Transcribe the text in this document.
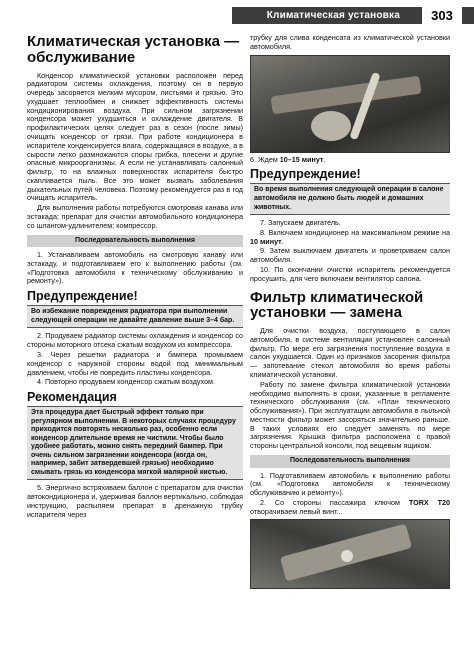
Климатическая установка	303
Климатическая установка — обслуживание

Конденсор климатической установки расположен перед радиатором системы охлаждения, поэтому он в первую очередь засоряется мелким мусором, листьями и грязью. Это ухудшает теплообмен и снижает эффективность системы кондиционирования воздуха. При сильном загрязнении конденсора может ухудшиться и охлаждение двигателя. В профилактических целях следует раз в сезон (после зимы) очищать конденсор от грязи. При работе кондиционера в испарителе конденсируется влага, содержащаяся в воздухе, а в сырости легко размножаются споры грибка, плесени и другие опасные микроорганизмы. А если не устанавливать салонный фильтр, то на влажных поверхностях испарителя быстро скапливается пыль. Все это может вызвать заболевания дыхательных путей человека. Поэтому рекомендуется раз в год очищать испаритель.

Для выполнения работы потребуются смотровая канава или эстакада; препарат для очистки автомобильного кондиционера со шлангом-удлинителем; компрессор.

Последовательность выполнения

1. Устанавливаем автомобиль на смотровую канаву или эстакаду, и подготавливаем его к выполнению работы (см. «Подготовка автомобиля к техническому обслуживанию и ремонту»).

Предупреждение!
Во избежание повреждения радиатора при выполнении следующей операции не давайте давление выше 3–4 бар.

2. Продуваем радиатор системы охлаждения и конденсор со стороны моторного отсека сжатым воздухом из компрессора.

3. Через решетки радиатора и бампера промываем конденсор с наружной стороны водой под минимальным давлением, чтобы не повредить пластины конденсора.

4. Повторно продуваем конденсор сжатым воздухом.

Рекомендация
Эта процедура дает быстрый эффект только при регулярном выполнении. В некоторых случаях процедуру приходится повторять несколько раз, особенно если конденсор длительное время не чистили. Чтобы было удобнее работать, можно снять передний бампер. При очень сильном загрязнении конденсора (когда он, например, забит затвердевшей грязью) необходимо смывать грязь из конденсора мягкой малярной кистью.

5. Энергично встряхиваем баллон с препаратом для очистки автокондиционера и, удерживая баллон вертикально, соблюдая инструкцию, распыляем препарат в дренажную трубку испарителя через

трубку для слива конденсата из климатической установки автомобиля.

6. Ждем 10–15 минут.

Предупреждение!
Во время выполнения следующей операции в салоне автомобиля не должно быть людей и домашних животных.

7. Запускаем двигатель.

8. Включаем кондиционер на максимальном режиме на 10 минут.

9. Затем выключаем двигатель и проветриваем салон автомобиля.

10. По окончании очистки испаритель рекомендуется просушить, для чего включаем вентилятор салона.

Фильтр климатической установки — замена

Для очистки воздуха, поступающего в салон автомобиля, в системе вентиляции установлен салонный фильтр. По мере его загрязнения поступление воздуха в салон ухудшается. Один из признаков засорения фильтра — запотевание стекол автомобиля во время работы климатической установки.

Работу по замене фильтра климатической установки необходимо выполнять в сроки, указанные в регламенте технического обслуживания (см. «План технического обслуживания»). При эксплуатации автомобиля в пыльной местности фильтр может засоряться значительно раньше. В таких условиях его следует заменять по мере загрязнения. Крышка фильтра расположена с правой стороны центральной консоли, под вещевым ящиком.

Последовательность выполнения

1. Подготавливаем автомобиль к выполнению работы (см. «Подготовка автомобиля к техническому обслуживанию и ремонту»).

2. Со стороны пассажира ключом TORX T20 отворачиваем левый винт...
